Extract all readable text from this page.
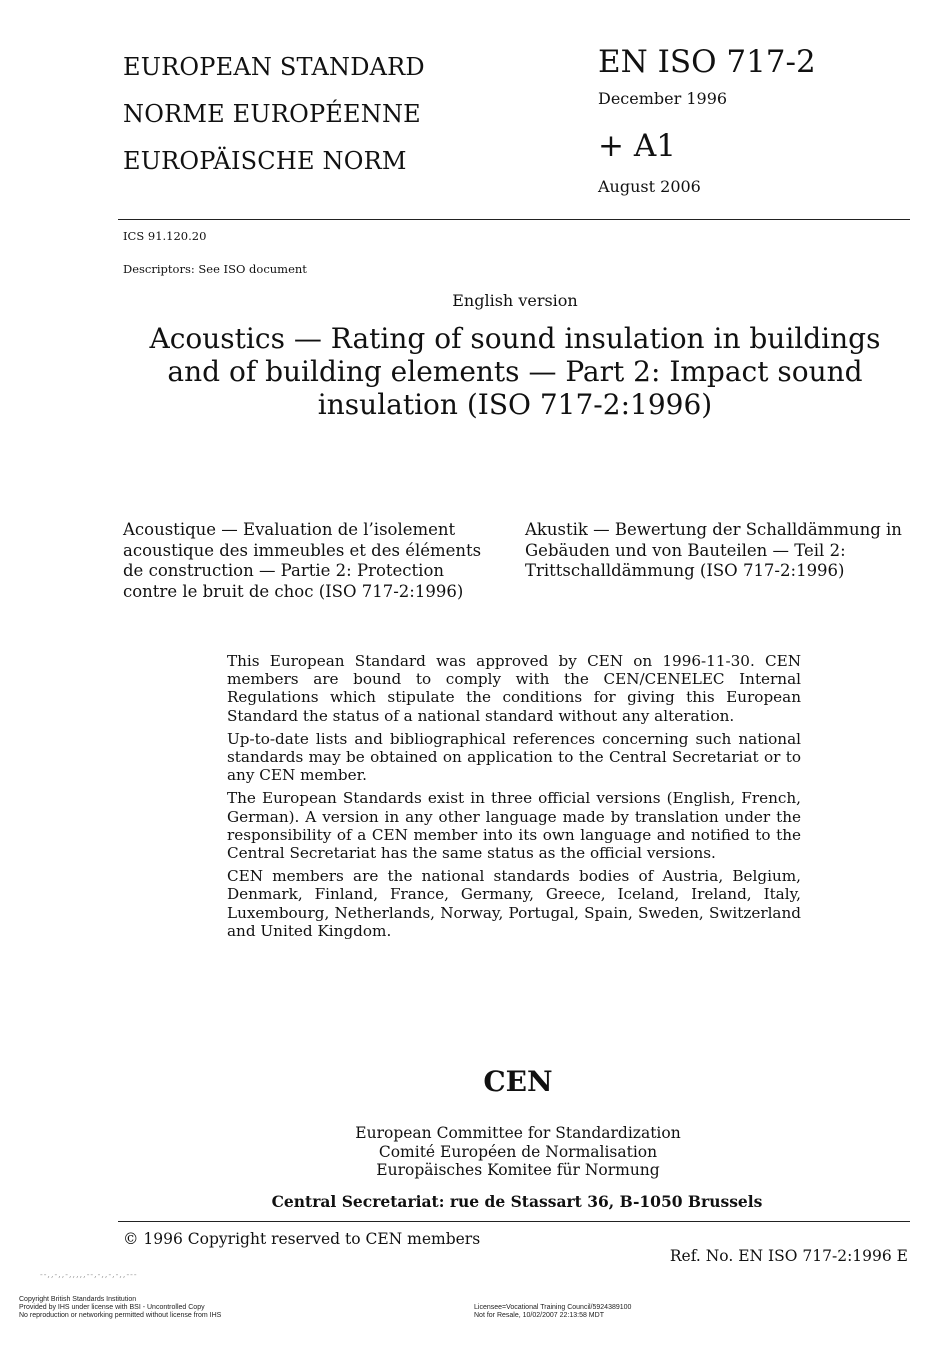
EUROPEAN STANDARD
NORME EUROPÉENNE
EUROPÄISCHE NORM
EN ISO 717-2
December 1996
+ A1
August 2006
ICS 91.120.20
Descriptors: See ISO document
English version
Acoustics — Rating of sound insulation in buildings and of building elements — Part 2: Impact sound insulation (ISO 717-2:1996)
Acoustique — Evaluation de l’isolement acoustique des immeubles et des éléments de construction — Partie 2: Protection contre le bruit de choc (ISO 717-2:1996)
Akustik — Bewertung der Schalldämmung in Gebäuden und von Bauteilen — Teil 2: Trittschalldämmung (ISO 717-2:1996)

This European Standard was approved by CEN on 1996-11-30. CEN members are bound to comply with the CEN/CENELEC Internal Regulations which stipulate the conditions for giving this European Standard the status of a national standard without any alteration.

Up-to-date lists and bibliographical references concerning such national standards may be obtained on application to the Central Secretariat or to any CEN member.

The European Standards exist in three official versions (English, French, German). A version in any other language made by translation under the responsibility of a CEN member into its own language and notified to the Central Secretariat has the same status as the official versions.

CEN members are the national standards bodies of Austria, Belgium, Denmark, Finland, France, Germany, Greece, Iceland, Ireland, Italy, Luxembourg, Netherlands, Norway, Portugal, Spain, Sweden, Switzerland and United Kingdom.

CEN
European Committee for Standardization
Comité Européen de Normalisation
Europäisches Komitee für Normung
Central Secretariat: rue de Stassart 36, B-1050 Brussels
© 1996 Copyright reserved to CEN members
Ref. No. EN ISO 717-2:1996 E
--,,-,,-,,,,,--,-,,-,-,,---
Copyright British Standards Institution
Provided by IHS under license with BSI - Uncontrolled Copy
No reproduction or networking permitted without license from IHS
Licensee=Vocational Training Council/5924389100
Not for Resale, 10/02/2007 22:13:58 MDT
